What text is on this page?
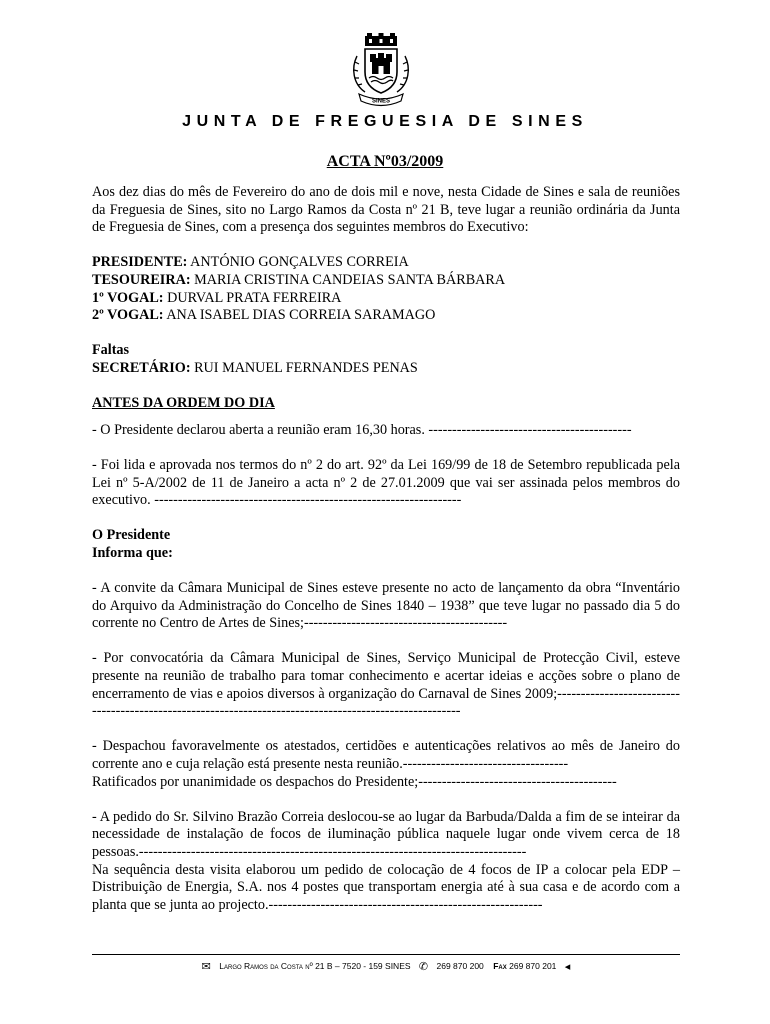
SINES
JUNTA DE FREGUESIA DE SINES
ACTA Nº03/2009

Aos dez dias do mês de Fevereiro do ano de dois mil e nove, nesta Cidade de Sines e sala de reuniões da Freguesia de Sines, sito no Largo Ramos da Costa nº 21 B, teve lugar a reunião ordinária da Junta de Freguesia de Sines, com a presença dos seguintes membros do Executivo:

PRESIDENTE: ANTÓNIO GONÇALVES CORREIA

TESOUREIRA: MARIA CRISTINA CANDEIAS SANTA BÁRBARA

1º VOGAL: DURVAL PRATA FERREIRA

2º VOGAL: ANA ISABEL DIAS CORREIA SARAMAGO

Faltas

SECRETÁRIO: RUI MANUEL FERNANDES PENAS

ANTES DA ORDEM DO DIA

- O Presidente declarou aberta a reunião eram 16,30 horas. -------------------------------------------

- Foi lida e aprovada nos termos do nº 2 do art. 92º da Lei 169/99 de 18 de Setembro republicada pela Lei nº 5-A/2002 de 11 de Janeiro a acta nº 2 de 27.01.2009 que vai ser assinada pelos membros do executivo. -----------------------------------------------------------------

O Presidente

Informa que:

- A convite da Câmara Municipal de Sines esteve presente no acto de lançamento da obra “Inventário do Arquivo da Administração do Concelho de Sines 1840 – 1938” que teve lugar no passado dia 5 do corrente no Centro de Artes de Sines;-------------------------------------------

- Por convocatória da Câmara Municipal de Sines, Serviço Municipal de Protecção Civil, esteve presente na reunião de trabalho para tomar conhecimento e acertar ideias e acções sobre o plano de encerramento de vias e apoios diversos à organização do Carnaval de Sines 2009;--------------------------------------------------------------------------------------------------------

- Despachou favoravelmente os atestados, certidões e autenticações relativos ao mês de Janeiro do corrente ano e cuja relação está presente nesta reunião.-----------------------------------

Ratificados por unanimidade os despachos do Presidente;------------------------------------------

- A pedido do Sr. Silvino Brazão Correia deslocou-se ao lugar da Barbuda/Dalda a fim de se inteirar da necessidade de instalação de focos de iluminação pública naquele lugar onde vivem cerca de 18 pessoas.----------------------------------------------------------------------------------

Na sequência desta visita elaborou um pedido de colocação de 4 focos de IP a colocar pela EDP – Distribuição de Energia, S.A. nos 4 postes que transportam energia até à sua casa e de acordo com a planta que se junta ao projecto.----------------------------------------------------------

✉ Largo Ramos da Costa nº 21 B – 7520 - 159 SINES ✆ 269 870 200 Fax 269 870 201 ◂
